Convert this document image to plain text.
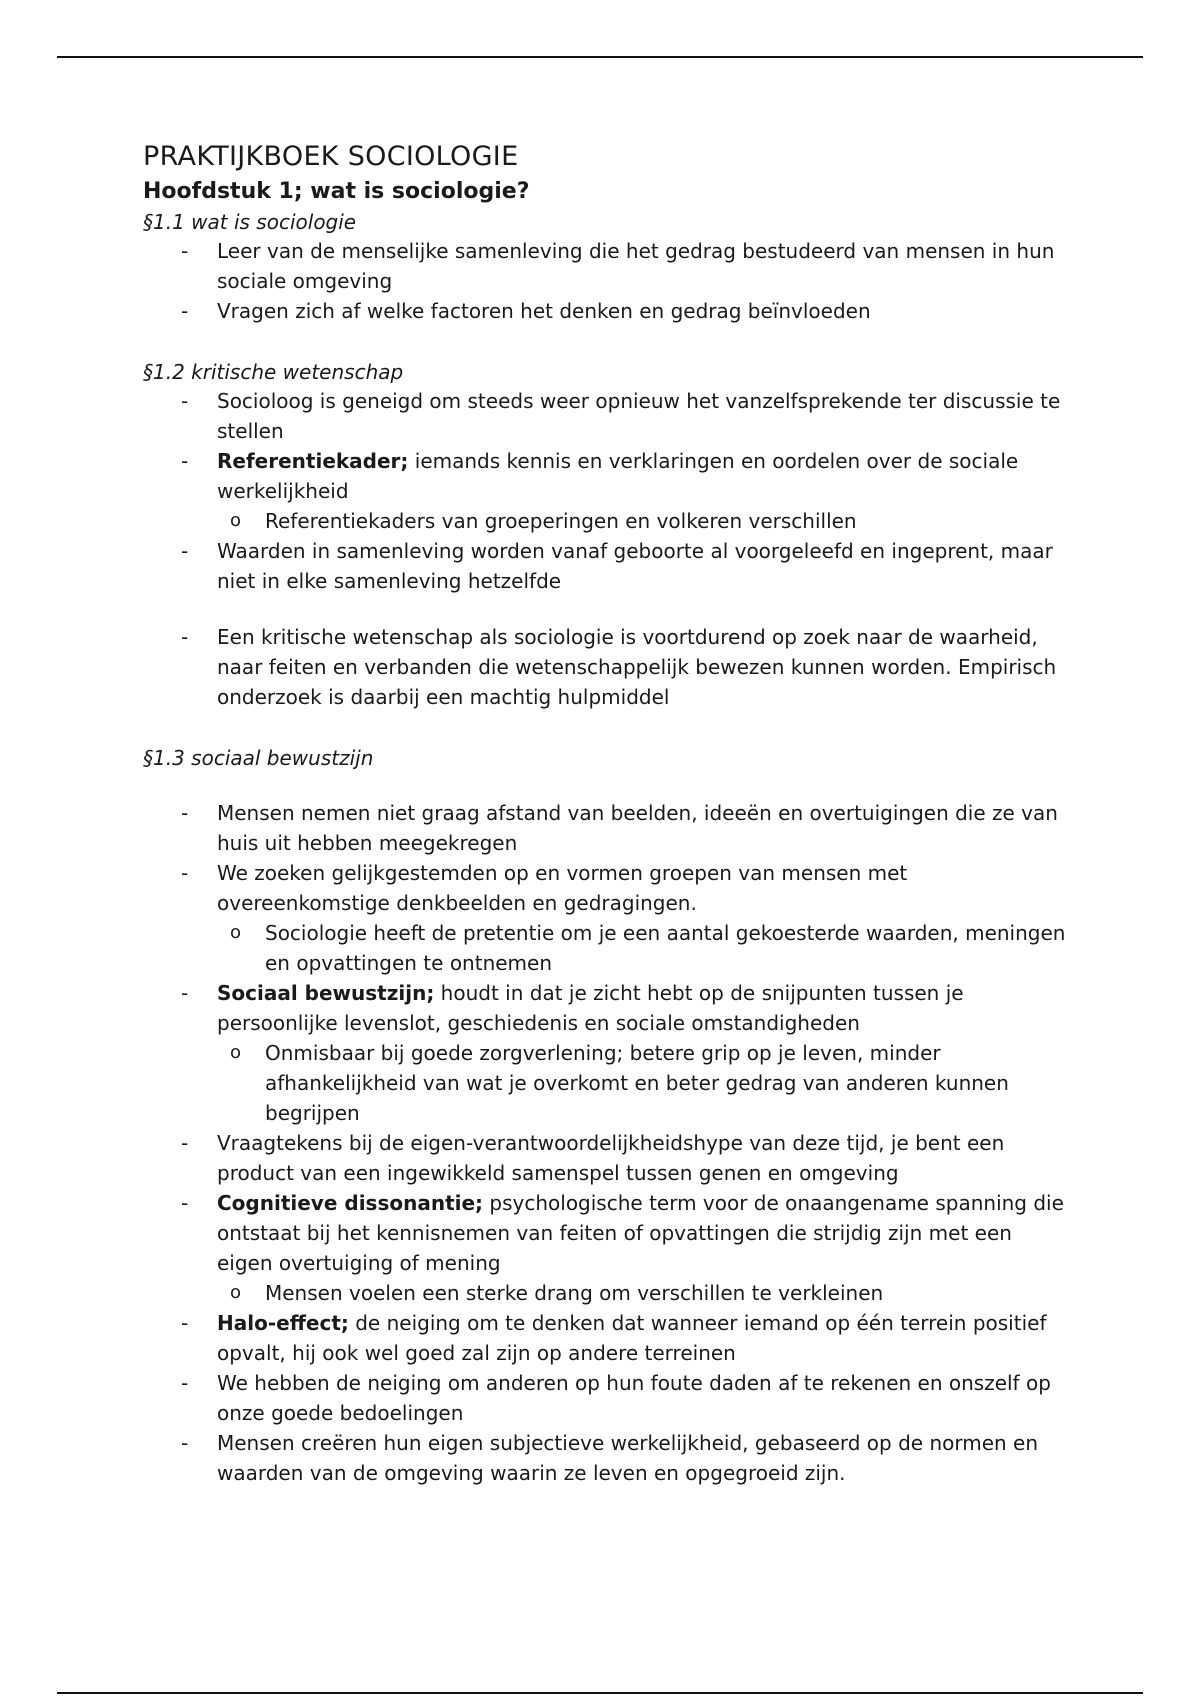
PRAKTIJKBOEK SOCIOLOGIE
Hoofdstuk 1; wat is sociologie?
§1.1 wat is sociologie
- Leer van de menselijke samenleving die het gedrag bestudeerd van mensen in hun sociale omgeving
- Vragen zich af welke factoren het denken en gedrag beïnvloeden
§1.2 kritische wetenschap
- Socioloog is geneigd om steeds weer opnieuw het vanzelfsprekende ter discussie te stellen
- Referentiekader; iemands kennis en verklaringen en oordelen over de sociale werkelijkheid
o Referentiekaders van groeperingen en volkeren verschillen
- Waarden in samenleving worden vanaf geboorte al voorgeleefd en ingeprent, maar niet in elke samenleving hetzelfde
- Een kritische wetenschap als sociologie is voortdurend op zoek naar de waarheid, naar feiten en verbanden die wetenschappelijk bewezen kunnen worden. Empirisch onderzoek is daarbij een machtig hulpmiddel
§1.3 sociaal bewustzijn
- Mensen nemen niet graag afstand van beelden, ideeën en overtuigingen die ze van huis uit hebben meegekregen
- We zoeken gelijkgestemden op en vormen groepen van mensen met overeenkomstige denkbeelden en gedragingen.
o Sociologie heeft de pretentie om je een aantal gekoesterde waarden, meningen en opvattingen te ontnemen
- Sociaal bewustzijn; houdt in dat je zicht hebt op de snijpunten tussen je persoonlijke levenslot, geschiedenis en sociale omstandigheden
o Onmisbaar bij goede zorgverlening; betere grip op je leven, minder afhankelijkheid van wat je overkomt en beter gedrag van anderen kunnen begrijpen
- Vraagtekens bij de eigen-verantwoordelijkheidshype van deze tijd, je bent een product van een ingewikkeld samenspel tussen genen en omgeving
- Cognitieve dissonantie; psychologische term voor de onaangename spanning die ontstaat bij het kennisnemen van feiten of opvattingen die strijdig zijn met een eigen overtuiging of mening
o Mensen voelen een sterke drang om verschillen te verkleinen
- Halo-effect; de neiging om te denken dat wanneer iemand op één terrein positief opvalt, hij ook wel goed zal zijn op andere terreinen
- We hebben de neiging om anderen op hun foute daden af te rekenen en onszelf op onze goede bedoelingen
- Mensen creëren hun eigen subjectieve werkelijkheid, gebaseerd op de normen en waarden van de omgeving waarin ze leven en opgegroeid zijn.
